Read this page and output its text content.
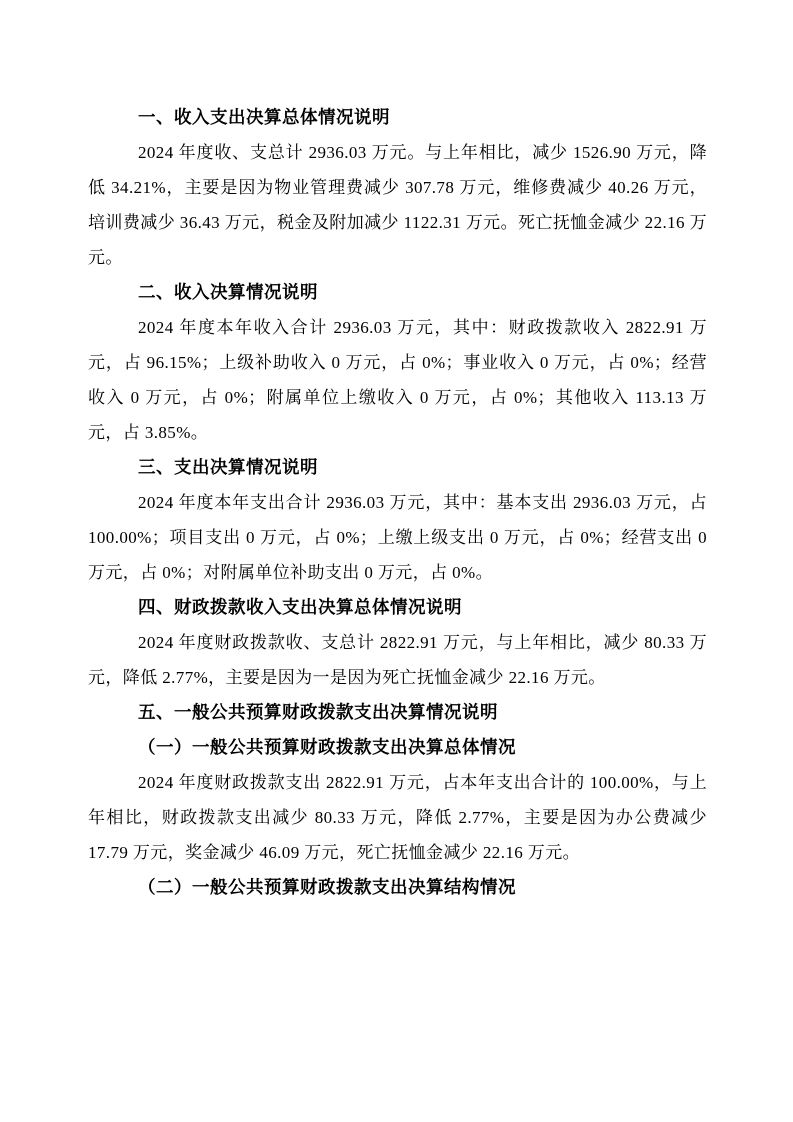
一、收入支出决算总体情况说明

2024 年度收、支总计 2936.03 万元。与上年相比，减少 1526.90 万元，降低 34.21%，主要是因为物业管理费减少 307.78 万元，维修费减少 40.26 万元，培训费减少 36.43 万元，税金及附加减少 1122.31 万元。死亡抚恤金减少 22.16 万元。

二、收入决算情况说明

2024 年度本年收入合计 2936.03 万元，其中：财政拨款收入 2822.91 万元，占 96.15%；上级补助收入 0 万元，占 0%；事业收入 0 万元，占 0%；经营收入 0 万元，占 0%；附属单位上缴收入 0 万元，占 0%；其他收入 113.13 万元，占 3.85%。

三、支出决算情况说明

2024 年度本年支出合计 2936.03 万元，其中：基本支出 2936.03 万元，占 100.00%；项目支出 0 万元，占 0%；上缴上级支出 0 万元，占 0%；经营支出 0 万元，占 0%；对附属单位补助支出 0 万元，占 0%。

四、财政拨款收入支出决算总体情况说明

2024 年度财政拨款收、支总计 2822.91 万元，与上年相比，减少 80.33 万元，降低 2.77%，主要是因为一是因为死亡抚恤金减少 22.16 万元。

五、一般公共预算财政拨款支出决算情况说明
（一）一般公共预算财政拨款支出决算总体情况

2024 年度财政拨款支出 2822.91 万元，占本年支出合计的 100.00%，与上年相比，财政拨款支出减少 80.33 万元，降低 2.77%，主要是因为办公费减少 17.79 万元，奖金减少 46.09 万元，死亡抚恤金减少 22.16 万元。

（二）一般公共预算财政拨款支出决算结构情况
